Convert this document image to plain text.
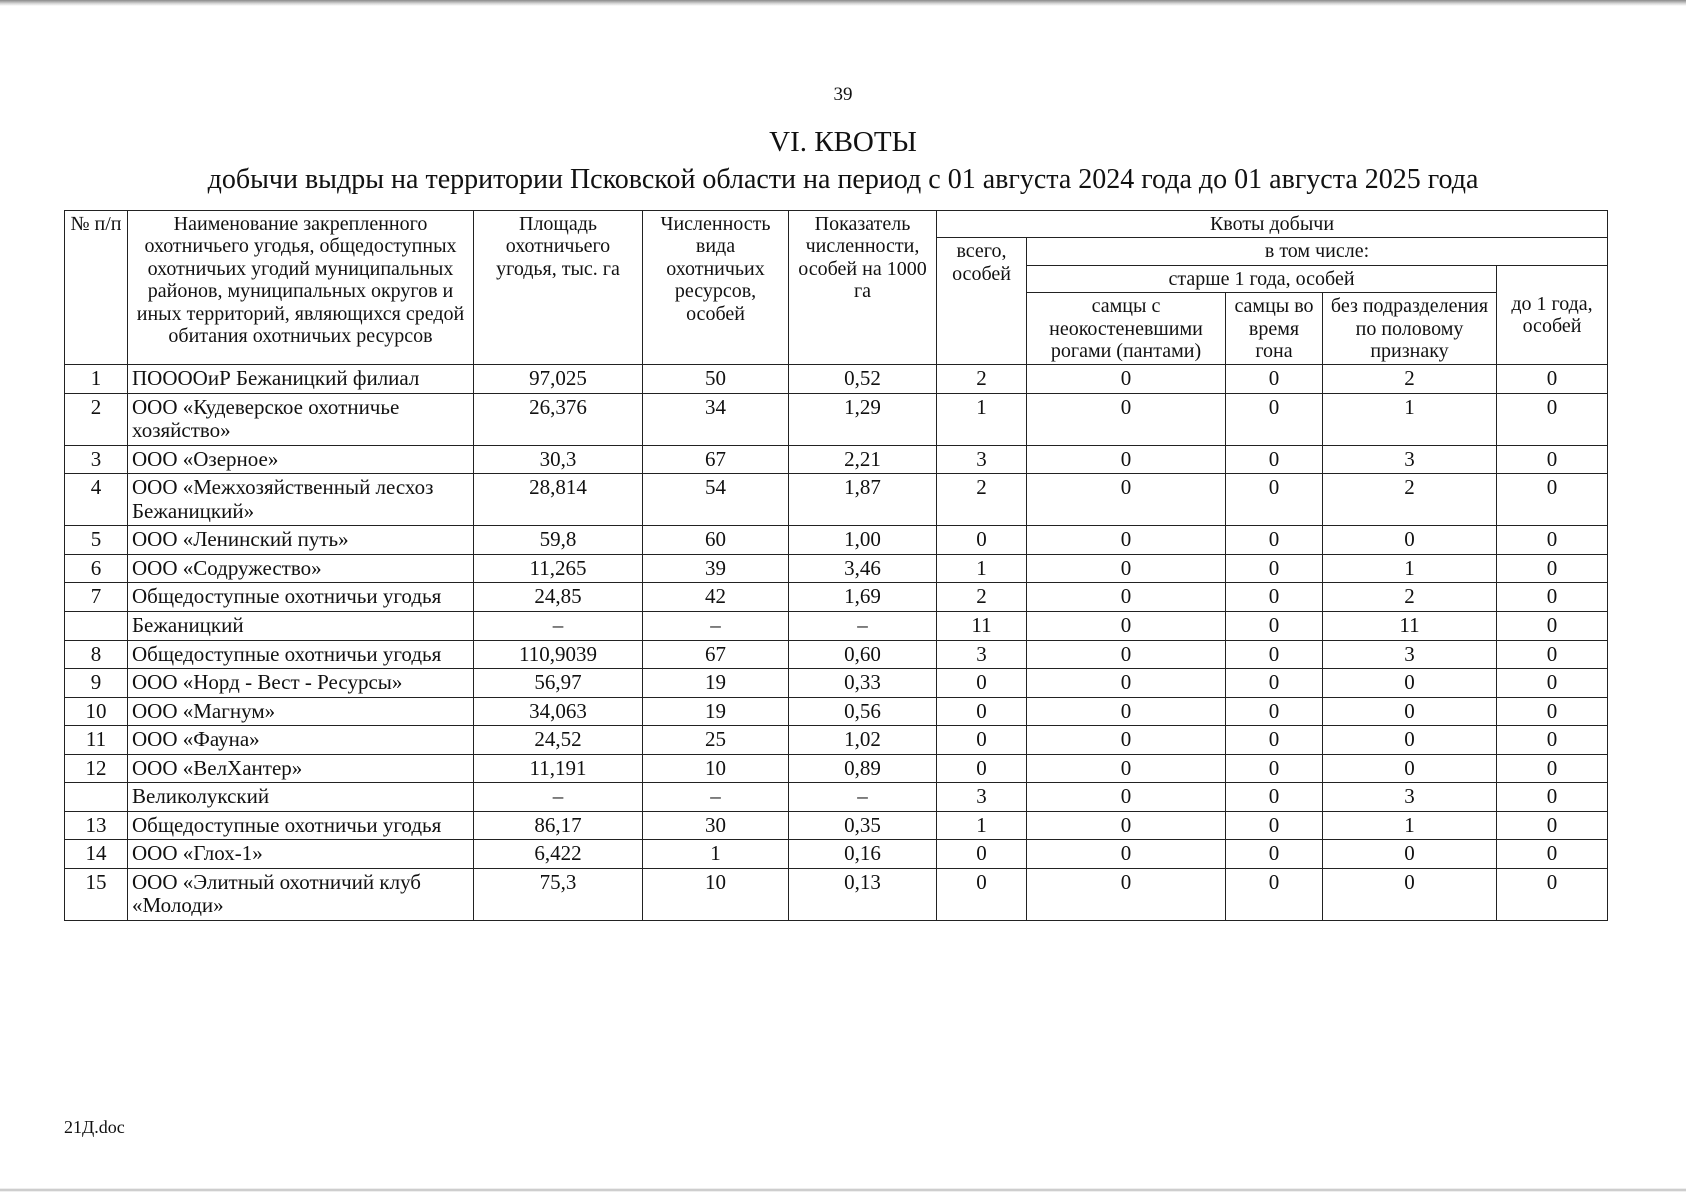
39
VI. КВОТЫ
добычи выдры на территории Псковской области на период с 01 августа 2024 года до 01 августа 2025 года
№ п/п	Наименование закрепленного охотничьего угодья, общедоступных охотничьих угодий муниципальных районов, муниципальных округов и иных территорий, являющихся средой обитания охотничьих ресурсов	Площадь охотничьего угодья, тыс. га	Численность вида охотничьих ресурсов, особей	Показатель численности, особей на 1000 га	Квоты добычи				
					всего, особей	в том числе:			
						старше 1 года, особей			до 1 года, особей
						самцы с неокостеневшими рогами (пантами)	самцы во время гона	без подразделения по половому признаку	
1	ПООООиР Бежаницкий филиал	97,025	50	0,52	2	0	0	2	0
2	ООО «Кудеверское охотничье хозяйство»	26,376	34	1,29	1	0	0	1	0
3	ООО «Озерное»	30,3	67	2,21	3	0	0	3	0
4	ООО «Межхозяйственный лесхоз Бежаницкий»	28,814	54	1,87	2	0	0	2	0
5	ООО «Ленинский путь»	59,8	60	1,00	0	0	0	0	0
6	ООО «Содружество»	11,265	39	3,46	1	0	0	1	0
7	Общедоступные охотничьи угодья	24,85	42	1,69	2	0	0	2	0
	Бежаницкий	–	–	–	11	0	0	11	0
8	Общедоступные охотничьи угодья	110,9039	67	0,60	3	0	0	3	0
9	ООО «Норд - Вест - Ресурсы»	56,97	19	0,33	0	0	0	0	0
10	ООО «Магнум»	34,063	19	0,56	0	0	0	0	0
11	ООО «Фауна»	24,52	25	1,02	0	0	0	0	0
12	ООО «ВелХантер»	11,191	10	0,89	0	0	0	0	0
	Великолукский	–	–	–	3	0	0	3	0
13	Общедоступные охотничьи угодья	86,17	30	0,35	1	0	0	1	0
14	ООО «Глох-1»	6,422	1	0,16	0	0	0	0	0
15	ООО «Элитный охотничий клуб «Молоди»	75,3	10	0,13	0	0	0	0	0
21Д.doc
